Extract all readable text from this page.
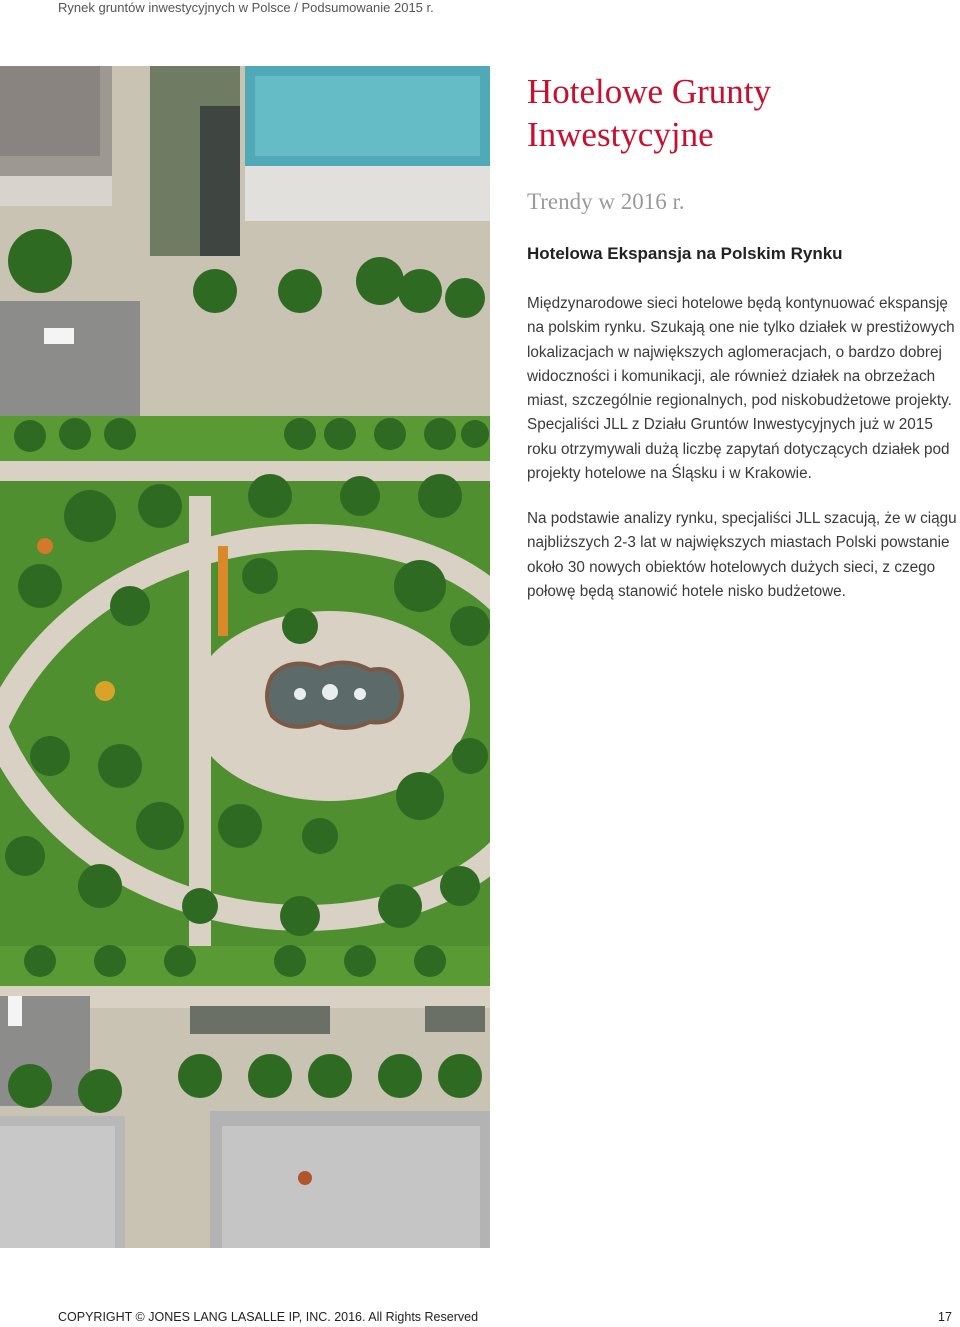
Rynek gruntów inwestycyjnych w Polsce / Podsumowanie 2015 r.
Hotelowe Grunty Inwestycyjne
Trendy w 2016 r.
Hotelowa Ekspansja na Polskim Rynku
Międzynarodowe sieci hotelowe będą kontynuować ekspansję na polskim rynku. Szukają one nie tylko działek w prestiżowych lokalizacjach w największych aglomeracjach, o bardzo dobrej widoczności i komunikacji, ale również działek na obrzeżach miast, szczególnie regionalnych, pod niskobudżetowe projekty. Specjaliści JLL z Działu Gruntów Inwestycyjnych już w 2015 roku otrzymywali dużą liczbę zapytań dotyczących działek pod projekty hotelowe na Śląsku i w Krakowie.
Na podstawie analizy rynku, specjaliści JLL szacują, że w ciągu najbliższych 2-3 lat w największych miastach Polski powstanie około 30 nowych obiektów hotelowych dużych sieci, z czego połowę będą stanowić hotele nisko budżetowe.
COPYRIGHT © JONES LANG LASALLE IP, INC. 2016. All Rights Reserved	17
